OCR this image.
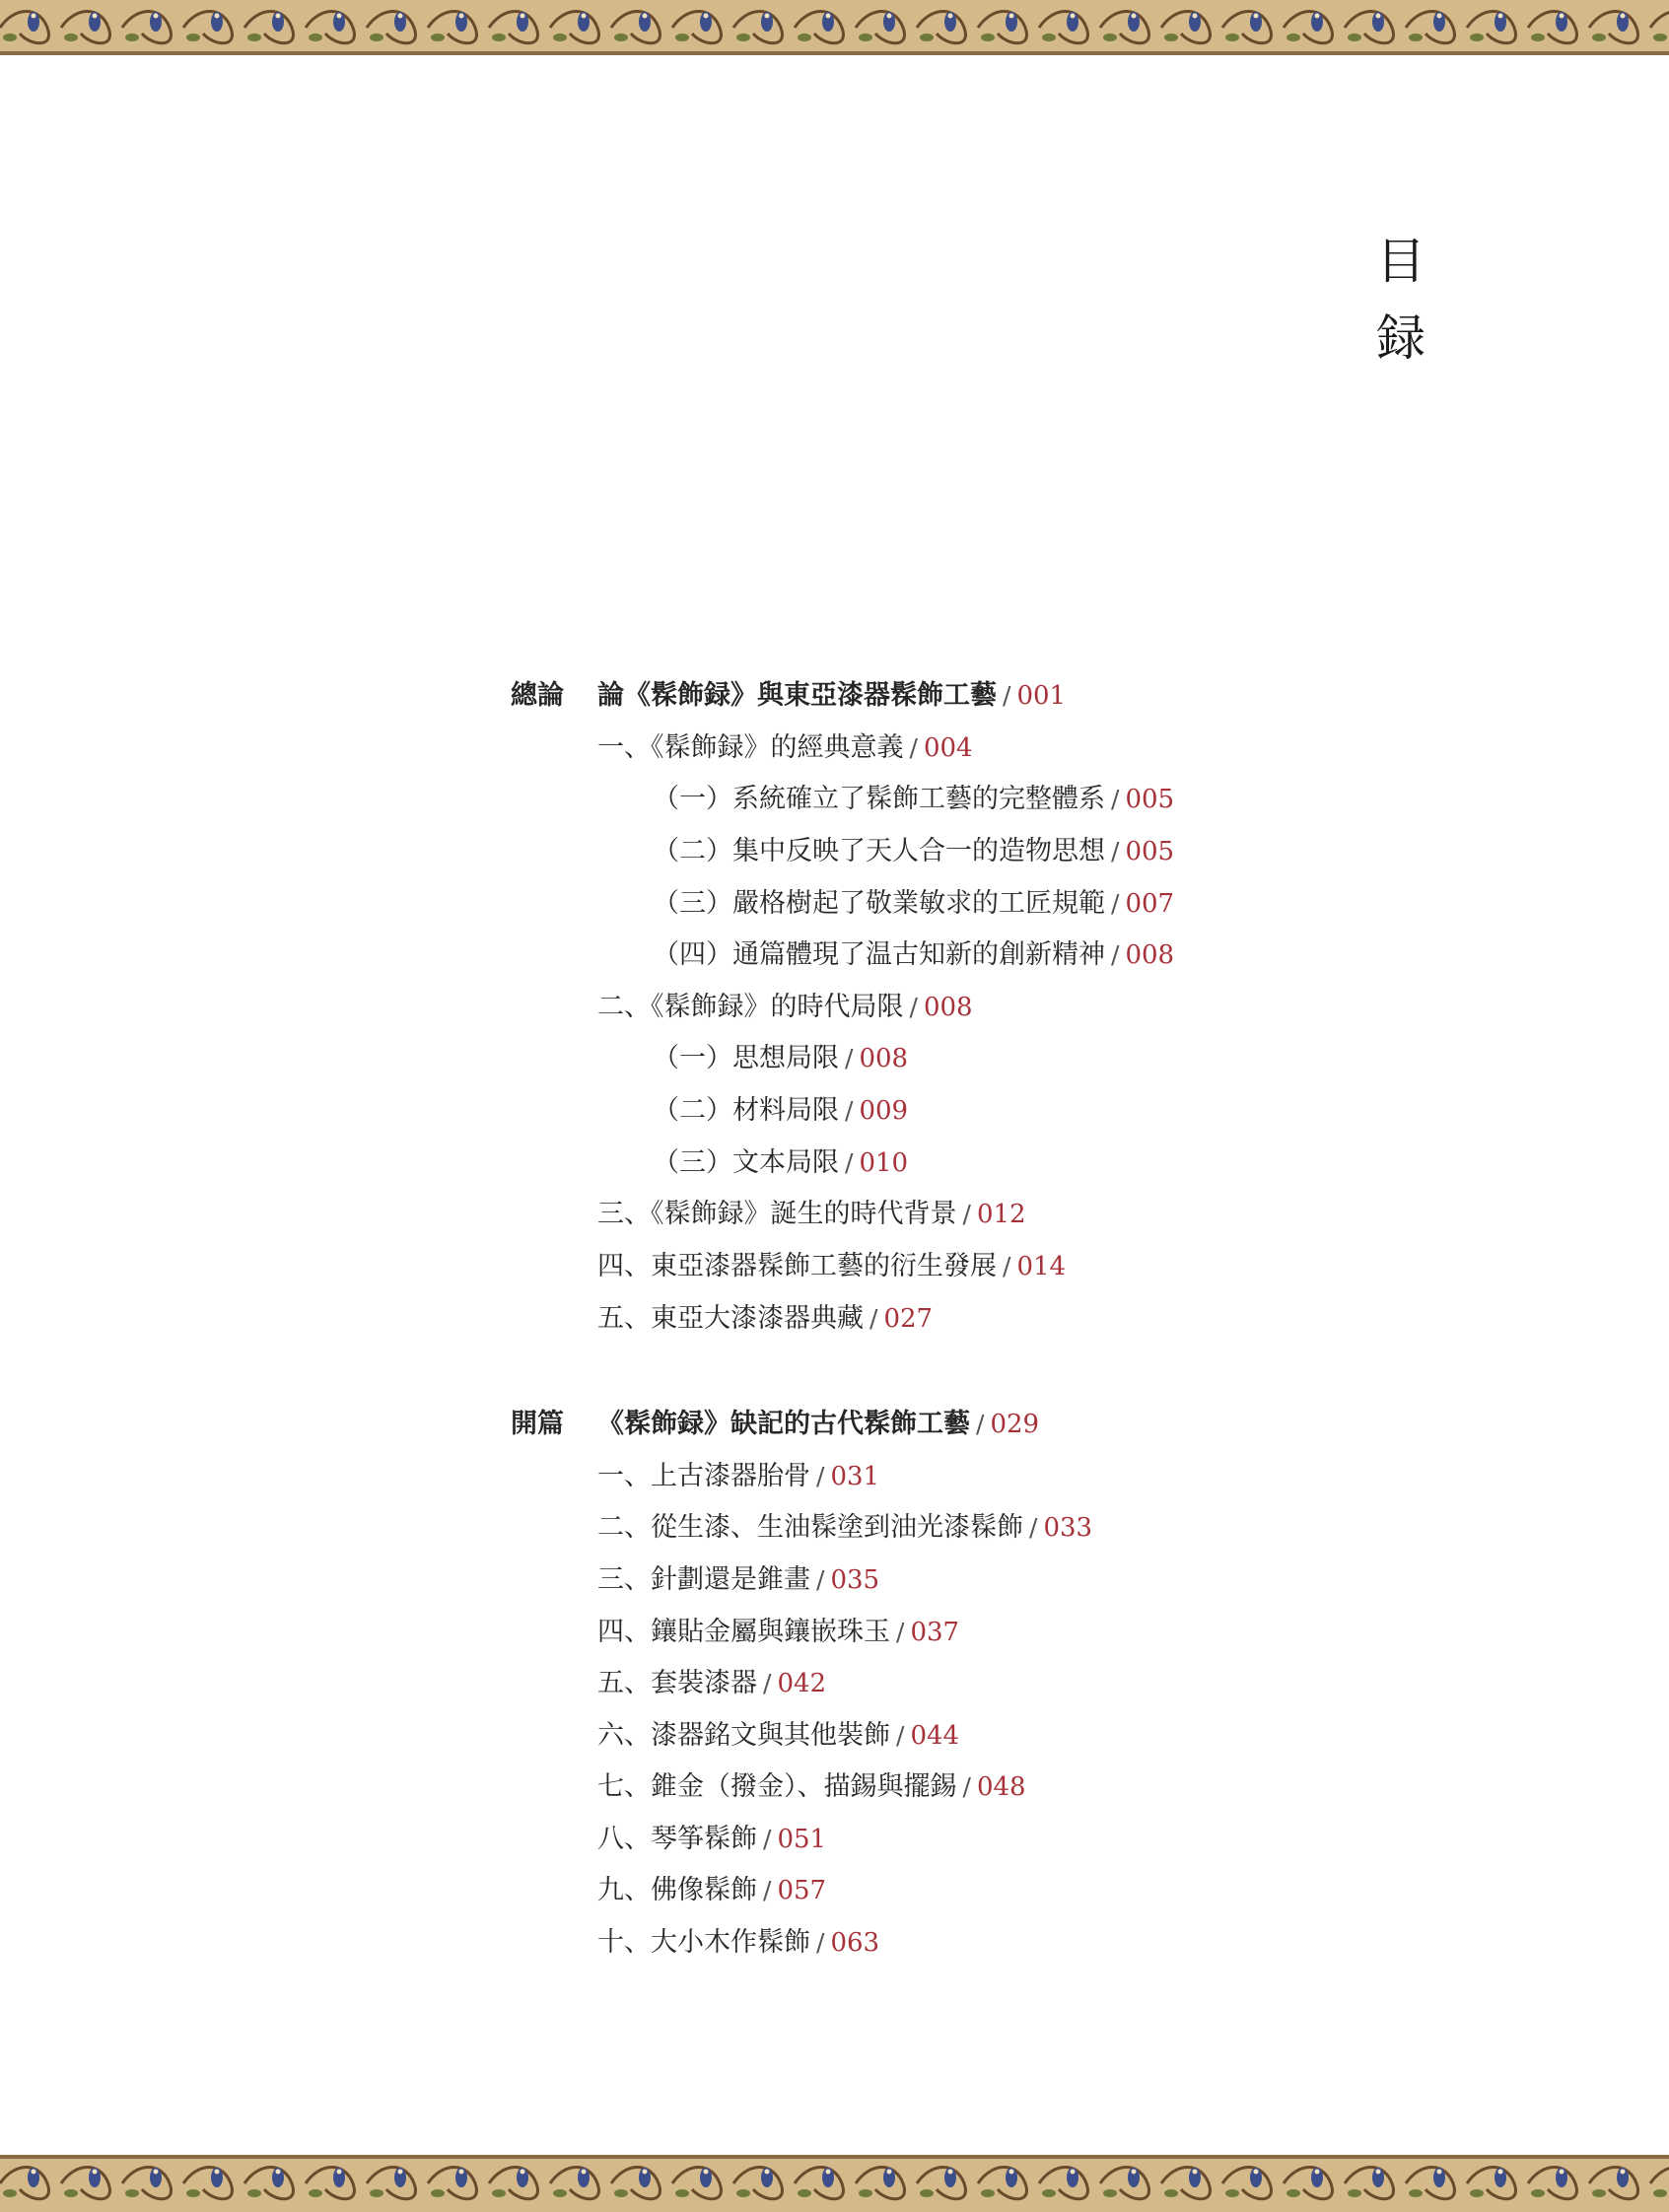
目
録
總論 論《髹飾録》與東亞漆器髹飾工藝 / 001
一、《髹飾録》的經典意義 / 004
（一）系統確立了髹飾工藝的完整體系 / 005
（二）集中反映了天人合一的造物思想 / 005
（三）嚴格樹起了敬業敏求的工匠規範 / 007
（四）通篇體現了温古知新的創新精神 / 008
二、《髹飾録》的時代局限 / 008
（一）思想局限 / 008
（二）材料局限 / 009
（三）文本局限 / 010
三、《髹飾録》誕生的時代背景 / 012
四、東亞漆器髹飾工藝的衍生發展 / 014
五、東亞大漆漆器典藏 / 027
開篇 《髹飾録》缺記的古代髹飾工藝 / 029
一、上古漆器胎骨 / 031
二、從生漆、生油髹塗到油光漆髹飾 / 033
三、針劃還是錐畫 / 035
四、鑲貼金屬與鑲嵌珠玉 / 037
五、套裝漆器 / 042
六、漆器銘文與其他裝飾 / 044
七、錐金（撥金）、描錫與擺錫 / 048
八、琴筝髹飾 / 051
九、佛像髹飾 / 057
十、大小木作髹飾 / 063
